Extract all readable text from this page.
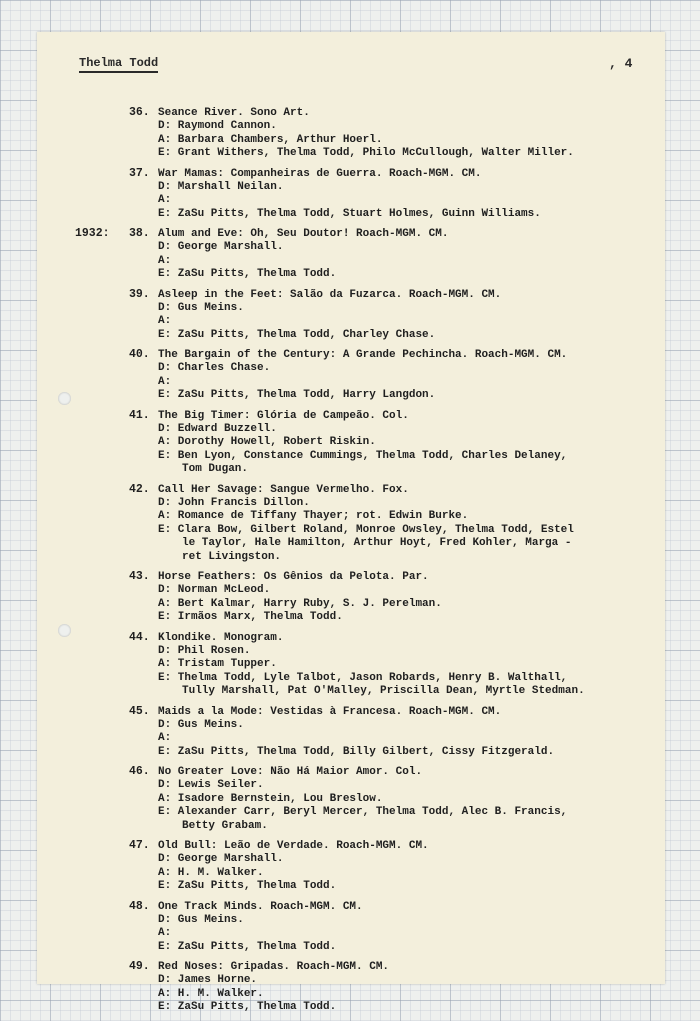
Thelma Todd	, 4
36. Seance River. Sono Art.
D: Raymond Cannon.
A: Barbara Chambers, Arthur Hoerl.
E: Grant Withers, Thelma Todd, Philo McCullough, Walter Miller.
37. War Mamas: Companheiras de Guerra. Roach-MGM. CM.
D: Marshall Neilan.
A:
E: ZaSu Pitts, Thelma Todd, Stuart Holmes, Guinn Williams.
1932: 38. Alum and Eve: Oh, Seu Doutor! Roach-MGM. CM.
D: George Marshall.
A:
E: ZaSu Pitts, Thelma Todd.
39. Asleep in the Feet: Salão da Fuzarca. Roach-MGM. CM.
D: Gus Meins.
A:
E: ZaSu Pitts, Thelma Todd, Charley Chase.
40. The Bargain of the Century: A Grande Pechincha. Roach-MGM. CM.
D: Charles Chase.
A:
E: ZaSu Pitts, Thelma Todd, Harry Langdon.
41. The Big Timer: Glória de Campeão. Col.
D: Edward Buzzell.
A: Dorothy Howell, Robert Riskin.
E: Ben Lyon, Constance Cummings, Thelma Todd, Charles Delaney,
Tom Dugan.
42. Call Her Savage: Sangue Vermelho. Fox.
D: John Francis Dillon.
A: Romance de Tiffany Thayer; rot. Edwin Burke.
E: Clara Bow, Gilbert Roland, Monroe Owsley, Thelma Todd, Estel
le Taylor, Hale Hamilton, Arthur Hoyt, Fred Kohler, Marga -
ret Livingston.
43. Horse Feathers: Os Gênios da Pelota. Par.
D: Norman McLeod.
A: Bert Kalmar, Harry Ruby, S. J. Perelman.
E: Irmãos Marx, Thelma Todd.
44. Klondike. Monogram.
D: Phil Rosen.
A: Tristam Tupper.
E: Thelma Todd, Lyle Talbot, Jason Robards, Henry B. Walthall,
Tully Marshall, Pat O'Malley, Priscilla Dean, Myrtle Stedman.
45. Maids a la Mode: Vestidas à Francesa. Roach-MGM. CM.
D: Gus Meins.
A:
E: ZaSu Pitts, Thelma Todd, Billy Gilbert, Cissy Fitzgerald.
46. No Greater Love: Não Há Maior Amor. Col.
D: Lewis Seiler.
A: Isadore Bernstein, Lou Breslow.
E: Alexander Carr, Beryl Mercer, Thelma Todd, Alec B. Francis,
Betty Grabam.
47. Old Bull: Leão de Verdade. Roach-MGM. CM.
D: George Marshall.
A: H. M. Walker.
E: ZaSu Pitts, Thelma Todd.
48. One Track Minds. Roach-MGM. CM.
D: Gus Meins.
A:
E: ZaSu Pitts, Thelma Todd.
49. Red Noses: Gripadas. Roach-MGM. CM.
D: James Horne.
A: H. M. Walker.
E: ZaSu Pitts, Thelma Todd.
